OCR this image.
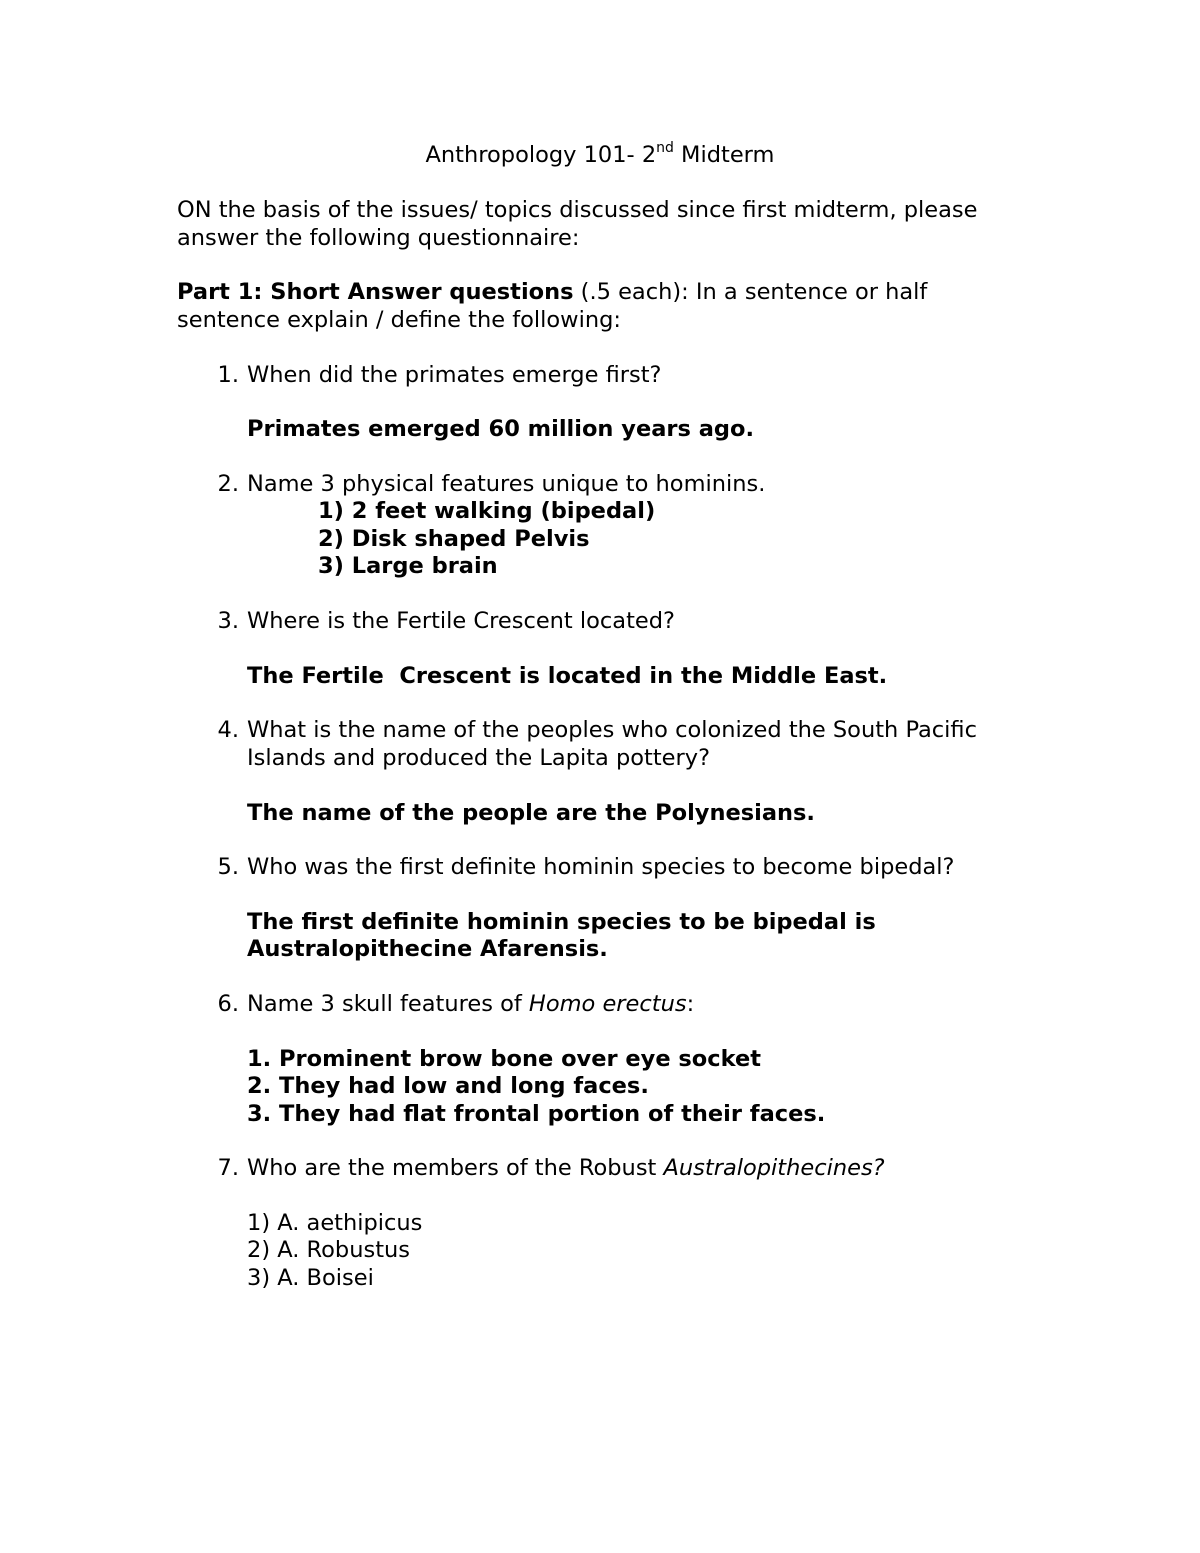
Anthropology 101- 2nd Midterm
ON the basis of the issues/ topics discussed since first midterm, please
answer the following questionnaire:
Part 1: Short Answer questions (.5 each): In a sentence or half
sentence explain / define the following:
1. When did the primates emerge first?
Primates emerged 60 million years ago.
2. Name 3 physical features unique to hominins.
1) 2 feet walking (bipedal)
2) Disk shaped Pelvis
3) Large brain
3. Where is the Fertile Crescent located?
The Fertile  Crescent is located in the Middle East.
4. What is the name of the peoples who colonized the South Pacific
Islands and produced the Lapita pottery?
The name of the people are the Polynesians.
5. Who was the first definite hominin species to become bipedal?
The first definite hominin species to be bipedal is
Australopithecine Afarensis.
6. Name 3 skull features of Homo erectus:
1. Prominent brow bone over eye socket
2. They had low and long faces.
3. They had flat frontal portion of their faces.
7. Who are the members of the Robust Australopithecines?
1) A. aethipicus
2) A. Robustus
3) A. Boisei
